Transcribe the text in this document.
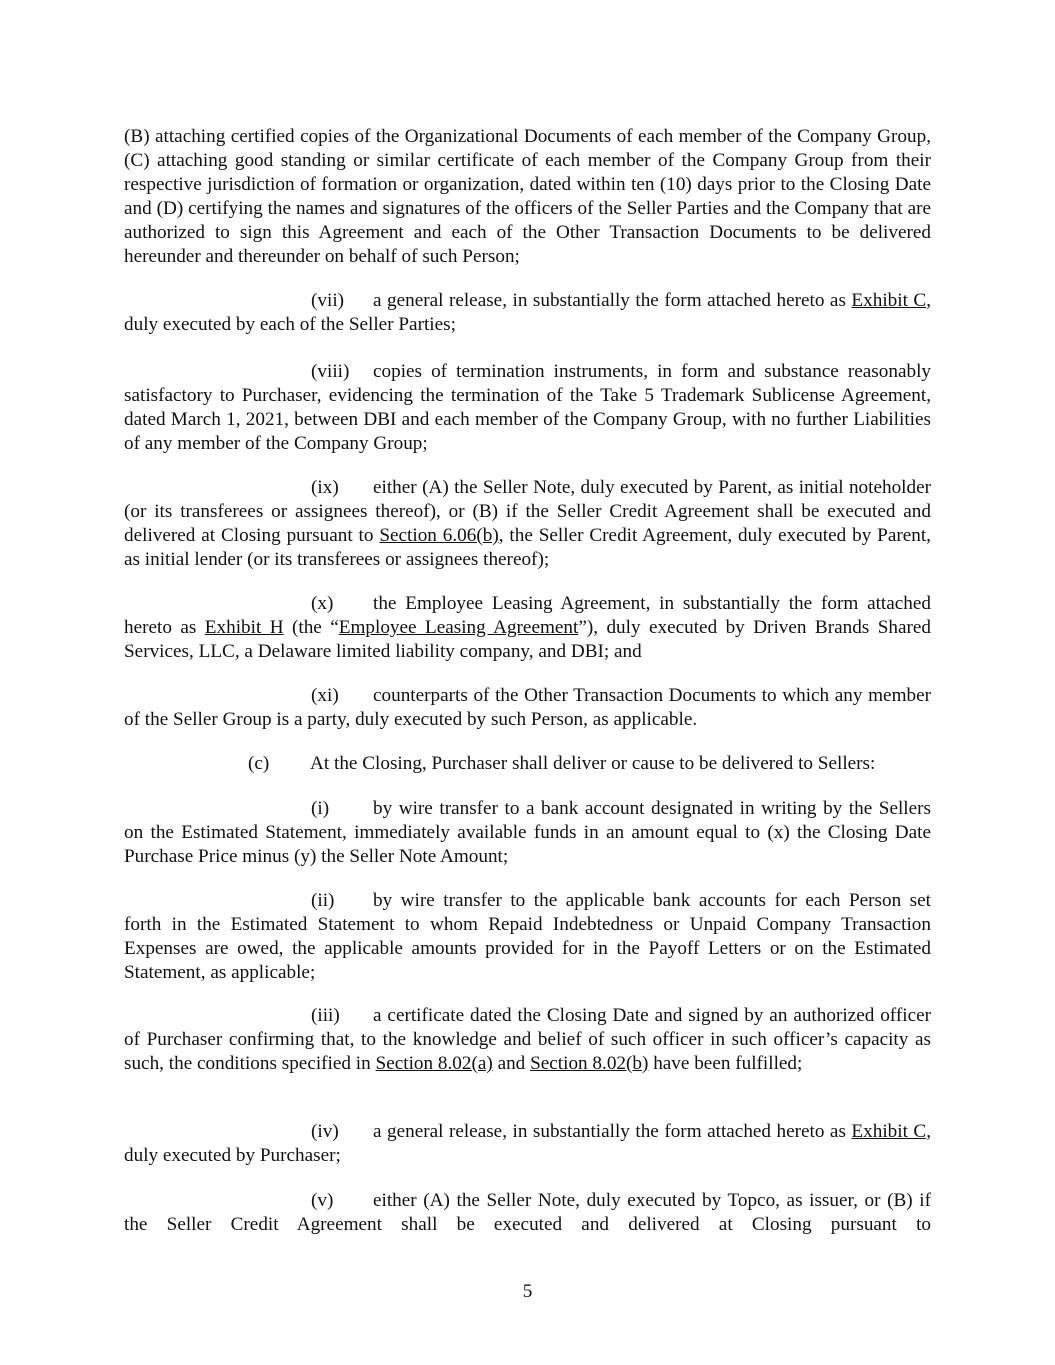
(B) attaching certified copies of the Organizational Documents of each member of the Company Group, (C) attaching good standing or similar certificate of each member of the Company Group from their respective jurisdiction of formation or organization, dated within ten (10) days prior to the Closing Date and (D) certifying the names and signatures of the officers of the Seller Parties and the Company that are authorized to sign this Agreement and each of the Other Transaction Documents to be delivered hereunder and thereunder on behalf of such Person;

(vii) a general release, in substantially the form attached hereto as Exhibit C, duly executed by each of the Seller Parties;

(viii) copies of termination instruments, in form and substance reasonably satisfactory to Purchaser, evidencing the termination of the Take 5 Trademark Sublicense Agreement, dated March 1, 2021, between DBI and each member of the Company Group, with no further Liabilities of any member of the Company Group;

(ix) either (A) the Seller Note, duly executed by Parent, as initial noteholder (or its transferees or assignees thereof), or (B) if the Seller Credit Agreement shall be executed and delivered at Closing pursuant to Section 6.06(b), the Seller Credit Agreement, duly executed by Parent, as initial lender (or its transferees or assignees thereof);

(x) the Employee Leasing Agreement, in substantially the form attached hereto as Exhibit H (the “Employee Leasing Agreement”), duly executed by Driven Brands Shared Services, LLC, a Delaware limited liability company, and DBI; and

(xi) counterparts of the Other Transaction Documents to which any member of the Seller Group is a party, duly executed by such Person, as applicable.

(c) At the Closing, Purchaser shall deliver or cause to be delivered to Sellers:

(i) by wire transfer to a bank account designated in writing by the Sellers on the Estimated Statement, immediately available funds in an amount equal to (x) the Closing Date Purchase Price minus (y) the Seller Note Amount;

(ii) by wire transfer to the applicable bank accounts for each Person set forth in the Estimated Statement to whom Repaid Indebtedness or Unpaid Company Transaction Expenses are owed, the applicable amounts provided for in the Payoff Letters or on the Estimated Statement, as applicable;

(iii) a certificate dated the Closing Date and signed by an authorized officer of Purchaser confirming that, to the knowledge and belief of such officer in such officer’s capacity as such, the conditions specified in Section 8.02(a) and Section 8.02(b) have been fulfilled;

(iv) a general release, in substantially the form attached hereto as Exhibit C, duly executed by Purchaser;

(v) either (A) the Seller Note, duly executed by Topco, as issuer, or (B) if the Seller Credit Agreement shall be executed and delivered at Closing pursuant to

5
